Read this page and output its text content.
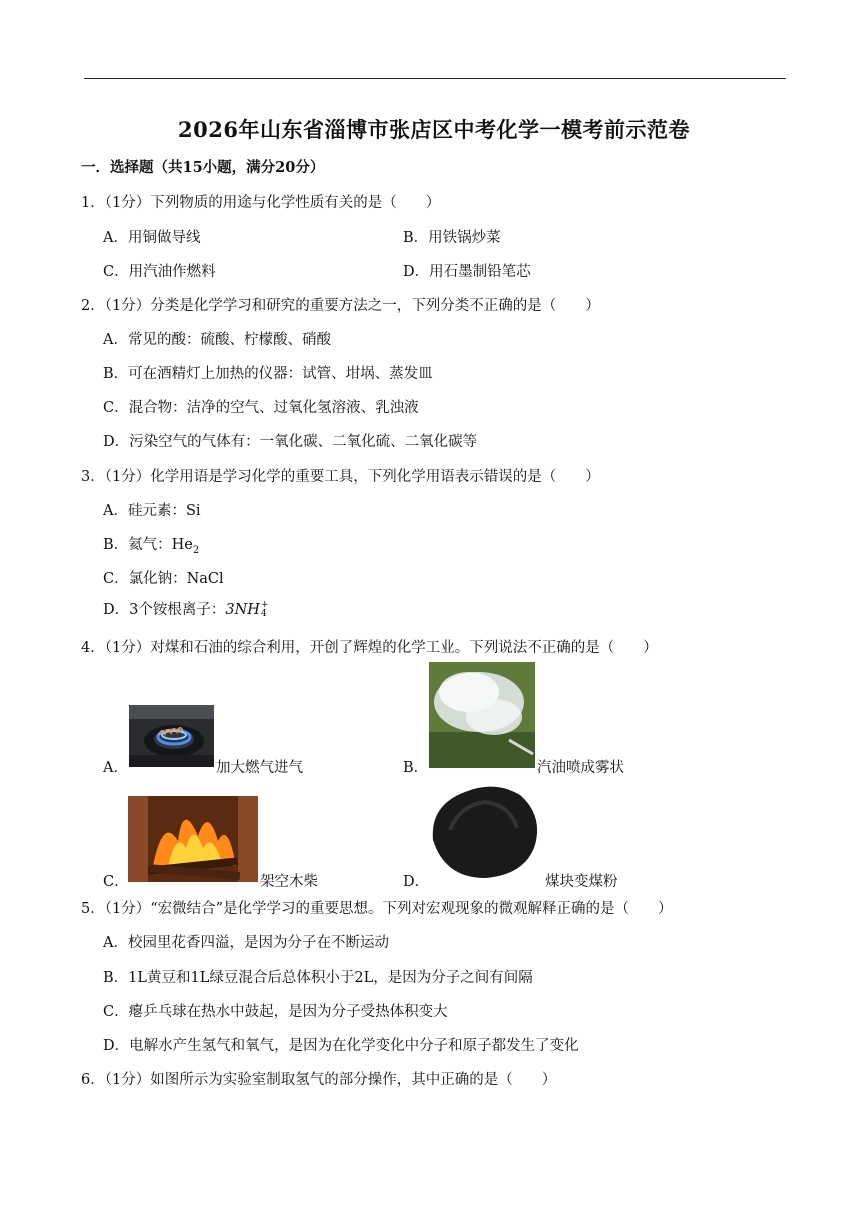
2026年山东省淄博市张店区中考化学一模考前示范卷
一．选择题（共15小题，满分20分）
1．（1分）下列物质的用途与化学性质有关的是（　　）
A．用铜做导线	B．用铁锅炒菜
C．用汽油作燃料	D．用石墨制铅笔芯
2．（1分）分类是化学学习和研究的重要方法之一，下列分类不正确的是（　　）
A．常见的酸：硫酸、柠檬酸、硝酸
B．可在酒精灯上加热的仪器：试管、坩埚、蒸发皿
C．混合物：洁净的空气、过氧化氢溶液、乳浊液
D．污染空气的气体有：一氧化碳、二氧化硫、二氧化碳等
3．（1分）化学用语是学习化学的重要工具，下列化学用语表示错误的是（　　）
A．硅元素：Si
B．氦气：$He_2$
C．氯化钠：NaCl
D．3个铵根离子：3NH +
4
4．（1分）对煤和石油的综合利用，开创了辉煌的化学工业。下列说法不正确的是（　　）
A．	加大燃气进气	B．	汽油喷成雾状
C．	架空木柴	D．	煤块变煤粉
5．（1分）“宏微结合”是化学学习的重要思想。下列对宏观现象的微观解释正确的是（　　）
A．校园里花香四溢，是因为分子在不断运动
B．1L黄豆和1L绿豆混合后总体积小于2L，是因为分子之间有间隔
C．瘪乒乓球在热水中鼓起，是因为分子受热体积变大
D．电解水产生氢气和氧气，是因为在化学变化中分子和原子都发生了变化
6．（1分）如图所示为实验室制取氢气的部分操作，其中正确的是（　　）
